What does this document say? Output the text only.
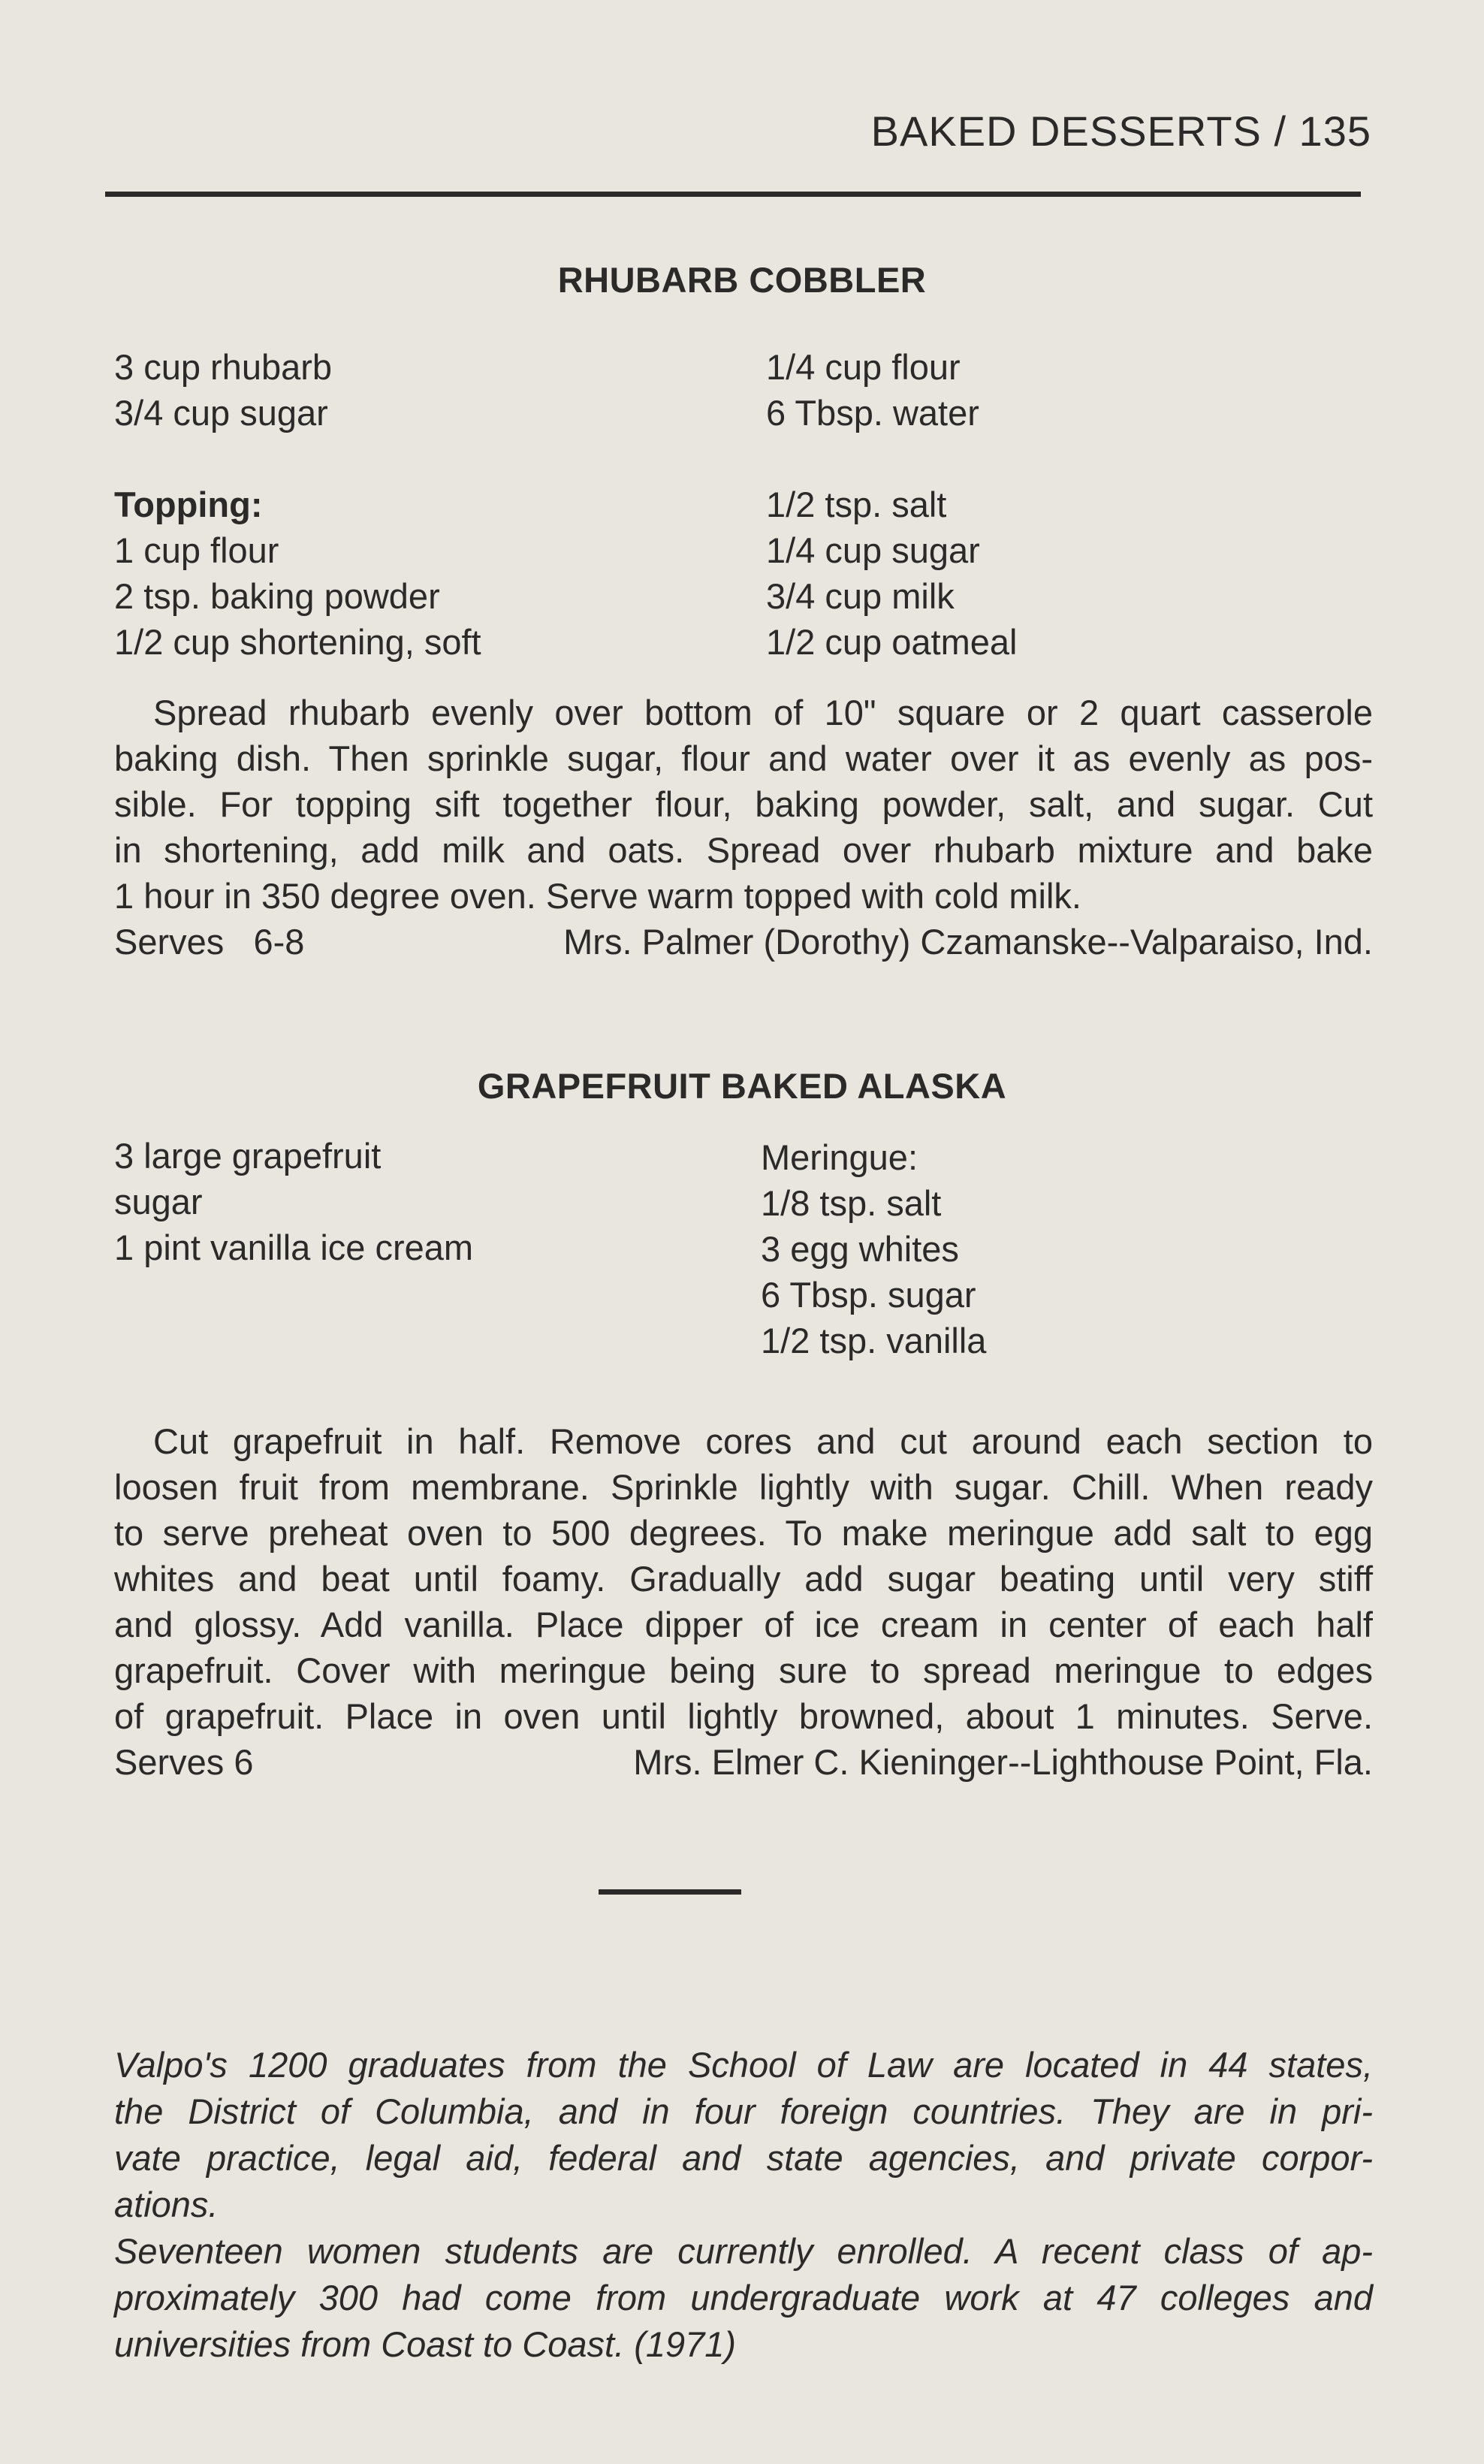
BAKED DESSERTS / 135
RHUBARB COBBLER
3 cup rhubarb
3/4 cup sugar
Topping:
1 cup flour
2 tsp. baking powder
1/2 cup shortening, soft
1/4 cup flour
6 Tbsp. water
1/2 tsp. salt
1/4 cup sugar
3/4 cup milk
1/2 cup oatmeal
Spread rhubarb evenly over bottom of 10" square or 2 quart casserole
baking dish. Then sprinkle sugar, flour and water over it as evenly as pos-
sible. For topping sift together flour, baking powder, salt, and sugar. Cut
in shortening, add milk and oats. Spread over rhubarb mixture and bake
1 hour in 350 degree oven. Serve warm topped with cold milk.
Serves   6-8	Mrs. Palmer (Dorothy) Czamanske--Valparaiso, Ind.
GRAPEFRUIT BAKED ALASKA
3 large grapefruit
sugar
1 pint vanilla ice cream
Meringue:
1/8 tsp. salt
3 egg whites
6 Tbsp. sugar
1/2 tsp. vanilla
Cut grapefruit in half. Remove cores and cut around each section to
loosen fruit from membrane. Sprinkle lightly with sugar. Chill. When ready
to serve preheat oven to 500 degrees. To make meringue add salt to egg
whites and beat until foamy. Gradually add sugar beating until very stiff
and glossy. Add vanilla. Place dipper of ice cream in center of each half
grapefruit. Cover with meringue being sure to spread meringue to edges
of grapefruit. Place in oven until lightly browned, about 1 minutes. Serve.
Serves 6	Mrs. Elmer C. Kieninger--Lighthouse Point, Fla.
Valpo's 1200 graduates from the School of Law are located in 44 states,
the District of Columbia, and in four foreign countries. They are in pri-
vate practice, legal aid, federal and state agencies, and private corpor-
ations.
Seventeen women students are currently enrolled. A recent class of ap-
proximately 300 had come from undergraduate work at 47 colleges and
universities from Coast to Coast. (1971)
